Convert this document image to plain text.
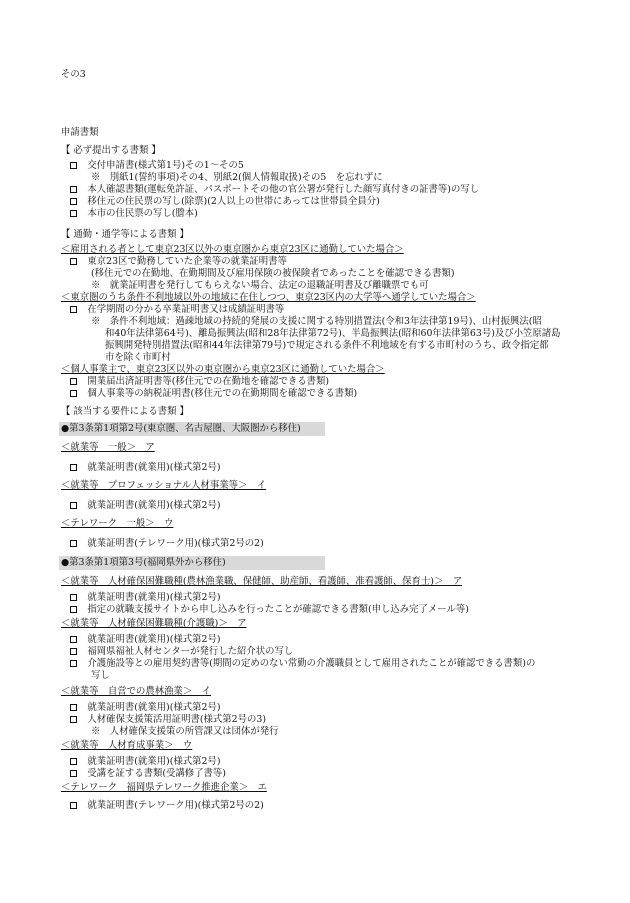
その3
申請書類
【 必ず提出する書類 】
　交付申請書(様式第1号)その1～その5
※　別紙1(誓約事項)その4、別紙2(個人情報取扱)その5　を忘れずに
　本人確認書類(運転免許証、パスポートその他の官公署が発行した顔写真付きの証書等)の写し
　移住元の住民票の写し(除票)(2人以上の世帯にあっては世帯員全員分)
　本市の住民票の写し(謄本)
【 通勤・通学等による書類 】
＜雇用される者として東京23区以外の東京圏から東京23区に通勤していた場合＞
　東京23区で勤務していた企業等の就業証明書等
(移住元での在勤地、在勤期間及び雇用保険の被保険者であったことを確認できる書類)
※　就業証明書を発行してもらえない場合、法定の退職証明書及び離職票でも可
＜東京圏のうち条件不利地域以外の地域に在住しつつ、東京23区内の大学等へ通学していた場合＞
　在学期間の分かる卒業証明書又は成績証明書等
※　条件不利地域：過疎地域の持続的発展の支援に関する特別措置法(令和3年法律第19号)、山村振興法(昭
和40年法律第64号)、離島振興法(昭和28年法律第72号)、半島振興法(昭和60年法律第63号)及び小笠原諸島
振興開発特別措置法(昭和44年法律第79号)で規定される条件不利地域を有する市町村のうち、政令指定都
市を除く市町村
＜個人事業主で、東京23区以外の東京圏から東京23区に通勤していた場合＞
　開業届出済証明書等(移住元での在勤地を確認できる書類)
　個人事業等の納税証明書(移住元での在勤期間を確認できる書類)
【 該当する要件による書類 】
●第3条第1項第2号(東京圏、名古屋圏、大阪圏から移住)
＜就業等　一般＞　ア
　就業証明書(就業用)(様式第2号)
＜就業等　プロフェッショナル人材事業等＞　イ
　就業証明書(就業用)(様式第2号)
＜テレワーク　一般＞　ウ
　就業証明書(テレワーク用)(様式第2号の2)
●第3条第1項第3号(福岡県外から移住)
＜就業等　人材確保困難職種(農林漁業職、保健師、助産師、看護師、准看護師、保育士)＞　ア
　就業証明書(就業用)(様式第2号)
　指定の就職支援サイトから申し込みを行ったことが確認できる書類(申し込み完了メール等)
＜就業等　人材確保困難職種(介護職)＞　ア
　就業証明書(就業用)(様式第2号)
　福岡県福祉人材センターが発行した紹介状の写し
　介護施設等との雇用契約書等(期間の定めのない常勤の介護職員として雇用されたことが確認できる書類)の
写し
＜就業等　自営での農林漁業＞　イ
　就業証明書(就業用)(様式第2号)
　人材確保支援策活用証明書(様式第2号の3)
※　人材確保支援策の所管課又は団体が発行
＜就業等　人材育成事業＞　ウ
　就業証明書(就業用)(様式第2号)
　受講を証する書類(受講修了書等)
＜テレワーク　福岡県テレワーク推進企業＞　エ
　就業証明書(テレワーク用)(様式第2号の2)
